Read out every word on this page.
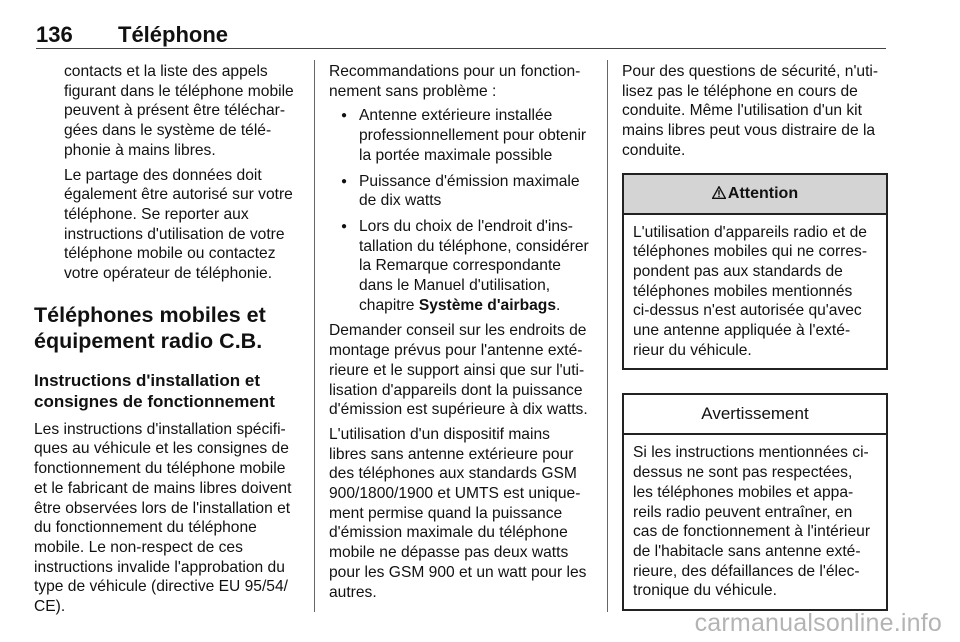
136 Téléphone

contacts et la liste des appels
figurant dans le téléphone mobile
peuvent à présent être téléchar-
gées dans le système de télé-
phonie à mains libres.

Le partage des données doit
également être autorisé sur votre
téléphone. Se reporter aux
instructions d'utilisation de votre
téléphone mobile ou contactez
votre opérateur de téléphonie.

Téléphones mobiles et
équipement radio C.B.

Instructions d'installation et
consignes de fonctionnement

Les instructions d'installation spécifi-
ques au véhicule et les consignes de
fonctionnement du téléphone mobile
et le fabricant de mains libres doivent
être observées lors de l'installation et
du fonctionnement du téléphone
mobile. Le non-respect de ces
instructions invalide l'approbation du
type de véhicule (directive EU 95/54/
CE).

Recommandations pour un fonction-
nement sans problème :

● Antenne extérieure installée
professionnellement pour obtenir
la portée maximale possible
● Puissance d'émission maximale
de dix watts
● Lors du choix de l'endroit d'ins-
tallation du téléphone, considérer
la Remarque correspondante
dans le Manuel d'utilisation,
chapitre Système d'airbags.

Demander conseil sur les endroits de
montage prévus pour l'antenne exté-
rieure et le support ainsi que sur l'uti-
lisation d'appareils dont la puissance
d'émission est supérieure à dix watts.

L'utilisation d'un dispositif mains
libres sans antenne extérieure pour
des téléphones aux standards GSM
900/1800/1900 et UMTS est unique-
ment permise quand la puissance
d'émission maximale du téléphone
mobile ne dépasse pas deux watts
pour les GSM 900 et un watt pour les
autres.

Pour des questions de sécurité, n'uti-
lisez pas le téléphone en cours de
conduite. Même l'utilisation d'un kit
mains libres peut vous distraire de la
conduite.

Attention
L'utilisation d'appareils radio et de
téléphones mobiles qui ne corres-
pondent pas aux standards de
téléphones mobiles mentionnés
ci-dessus n'est autorisée qu'avec
une antenne appliquée à l'exté-
rieur du véhicule.
Avertissement
Si les instructions mentionnées ci-
dessus ne sont pas respectées,
les téléphones mobiles et appa-
reils radio peuvent entraîner, en
cas de fonctionnement à l'intérieur
de l'habitacle sans antenne exté-
rieure, des défaillances de l'élec-
tronique du véhicule.
carmanualsonline.info
